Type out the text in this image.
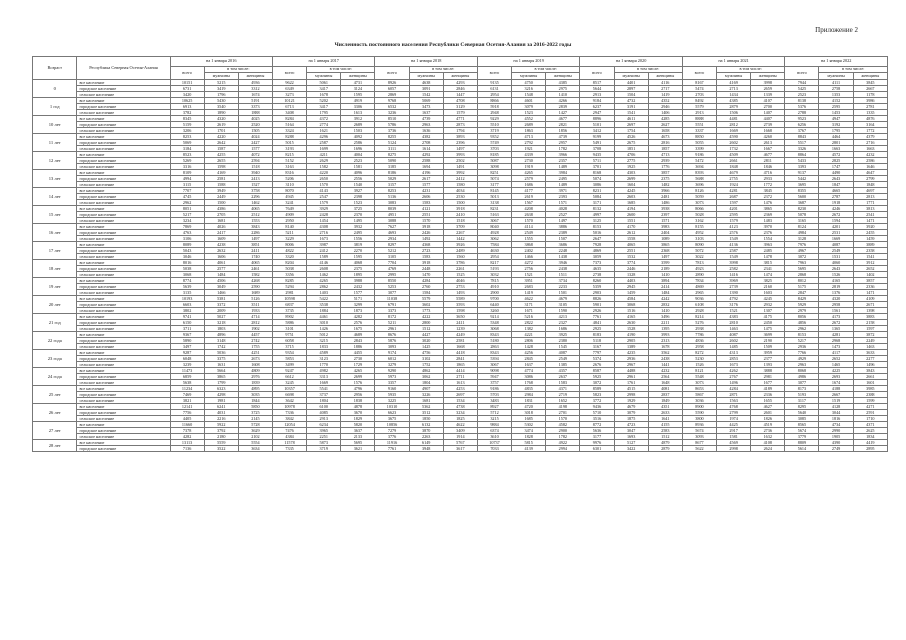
Приложение 2
Численность постоянного населения Республики Северная Осетия-Алания за 2016-2022 годы
Возраст	Республика Северная Осетия-Алания	на 1 января 2016			на 1 января 2017			на 1 января 2018			на 1 января 2019			на 1 января 2020			на 1 января 2021			на 1 января 2022		
		всего	в том числе:		всего	в том числе:		всего	в том числе:		всего	в том числе:		всего	в том числе:		всего	в том числе:		всего	в том числе:	
			мужчины	женщины		мужчины	женщины		мужчины	женщины		мужчины	женщины		мужчины	женщины		мужчины	женщины		мужчины	женщины
0	все население	10151	5215	4936	9622	5061	4731	8926	4638	4293	9135	4750	4385	8517	4401	4116	8167	4169	3998	7944	4111	3845
	городское население	6731	3419	3312	6349	3417	3124	6057	3091	2846	6131	3216	2975	5644	2897	2717	5474	2713	2659	5425	2758	2667
	сельское население	3420	1796	1674	3273	1678	1595	2869	1542	1447	2954	1548	1410	2913	1504	1419	2703	1434	1339	2523	1353	1178
1 год	все население	10625	5430	5191	10121	5202	4919	9768	5069	4708	8866	4601	4266	9184	4732	4352	8492	4385	4107	8138	4152	3986
	городское население	6913	3540	3373	6713	3417	3306	6532	3473	3129	5918	3079	2839	6237	3191	2946	5579	2879	2700	5376	2595	2781
	сельское население	3782	1890	1888	3408	1795	1613	3236	1637	1579	2948	1523	1427	2947	1541	1406	2913	1506	1407	2788	1453	1335
10 лет	все население	8345	4320	4025	8284	4372	3912	8510	4739	4771	9229	4552	4677	8896	4611	4285	8888	4481	4407	9523	4947	4876
	городское население	5159	2619	2520	5164	2774	2689	5786	2963	2873	5510	2689	2821	5101	2697	2627	5551	2812	2739	6256	3192	3164
	сельское население	3206	1701	1505	3324	1621	1503	3736	1636	1794	3719	1863	1856	3412	1754	1658	3337	1669	1668	3767	1795	1772
11 лет	все население	8253	4220	4024	8288	4296	4092	8255	4382	3893	9352	4713	4739	9199	4526	4673	8850	4590	4260	8843	4464	4379
	городское население	5069	2642	2427	5015	2587	2586	5124	2708	2396	5749	2792	2957	5491	2675	2816	5055	2602	2613	5517	2801	2716
	сельское население	3184	1587	1577	3193	1699	1696	3111	1614	1497	3703	1921	1782	3708	1851	1857	3399	1732	1667	3326	1663	1663
12 лет	все население	8523	4255	4072	8215	4211	4004	8275	4292	3993	8185	4339	3966	9435	4706	4713	9186	4509	4677	8864	4572	4232
	городское население	5269	2655	2594	5152	2629	2523	5090	2588	2502	5087	2730	2357	5711	2775	2939	5472	2661	2811	5433	2825	2586
	сельское население	3316	1598	1518	3163	1582	1581	3185	1694	1491	3098	1919	1489	3701	1925	1776	3694	1848	1846	3393	1747	1646
13 лет	все население	8109	4169	3940	8316	4220	4096	8186	4196	3992	8251	4265	3984	8168	4303	3857	8393	4679	4716	9137	4490	4647
	городское население	4994	2581	2413	5206	2650	2556	5029	2617	2412	5074	2579	2495	5074	2699	2375	5688	2755	2933	5442	2643	2799
	сельское население	3115	1588	1527	3110	1570	1540	3157	1577	1580	3177	1686	1489	3086	1604	1482	3696	1924	1772	3695	1847	1848
14 лет	все население	7707	3949	3758	8070	4143	3927	8253	4231	4034	8145	4177	3971	8231	4245	3966	8126	4281	3845	8355	4665	4697
	городское население	4745	2449	2296	4945	2547	2398	5136	2606	2530	5013	2619	2393	5084	2603	2481	5059	2687	2372	5600	2787	2813
	сельское население	2962	1500	1462	3241	1579	1523	3083	1583	1500	3138	1567	1571	3171	1685	1486	3073	1597	1476	3687	1918	1771
15 лет	все население	8051	4386	4065	7649	3929	3725	8039	4121	3918	8231	4208	4028	8132	4194	3938	8066	4201	3865	8230	4246	3813
	городское население	5217	2705	2512	4909	2428	2370	4951	2551	2410	5163	2638	2527	4997	2600	2397	5028	2595	2369	5078	2672	2541
	сельское население	3234	1681	1553	2950	1454	1495	3088	1570	1518	3067	1570	1497	3125	1551	1571	3162	1579	1483	3165	1594	1471
16 лет	все население	7869	4026	3843	8140	4308	3932	7627	3918	3709	8040	4114	3886	8153	4170	3983	8155	4123	3970	8124	4201	3920
	городское население	4763	2417	2286	5211	2716	2495	4693	2426	2267	4928	2549	2389	5016	2612	2404	4952	2576	2376	4984	2531	2455
	сельское население	3106	1609	1497	3229	1673	1556	2934	1492	1442	3062	1555	1507	2647	1558	1089	3103	1549	1554	3128	1669	1459
17 лет	все население	8089	4238	3851	8006	3987	3819	8297	4368	3926	7584	3868	3686	7928	4065	3865	8090	4136	3963	7976	4087	3889
	городское население	5043	2632	2411	4822	2412	2270	5212	2723	2489	4630	2402	2248	4869	2551	2368	5072	2587	2485	4967	2549	2358
	сельское население	3046	1606	1740	3320	1589	1595	3105	1583	1560	2954	1466	1438	3059	1532	1497	3022	1549	1478	3072	1531	1541
18 лет	все население	8016	4061	4065	8204	4146	4068	7704	3918	3786	8217	4272	3946	7373	3774	3599	7813	3998	3815	7963	4060	3912
	городское население	5038	2577	2461	5038	2608	2375	4769	2448	2261	5193	2756	2438	4635	2446	2189	4923	2582	2341	5695	2643	2652
	сельское население	3068	1484	1582	3356	1462	1895	2995	1470	1525	3032	1521	1511	2738	1328	1410	2890	1416	1474	2868	1526	1402
19 лет	все население	8774	4506	4268	8285	4265	3988	8550	4284	4046	7815	3951	3734	8260	4403	3894	7834	3969	3825	8012	4165	3857
	городское население	5639	3049	2590	5294	2862	2432	5253	2760	2753	4910	2683	2233	5359	2945	2414	4869	2739	2160	5175	2819	2336
	сельское население	3135	1466	1689	2981	1403	1577	3077	1584	1493	2900	1419	1501	2903	1459	1484	2965	1390	1603	2847	1376	1471
20 лет	все население	10193	5381	5126	10598	5422	5171	11038	5579	5589	9700	4622	4679	8826	4584	4242	9036	4792	4245	8429	4320	4109
	городское население	6603	3372	3511	6837	3538	3299	6791	3602	3593	6440	3171	3105	5901	3068	2832	6108	3176	2932	5929	2958	2671
	сельское население	3802	2009	1933	3735	1884	1873	3373	1773	1598	3260	1671	1590	2926	1516	1410	2928	1521	1307	2979	1561	1398
21 год	все население	9741	5027	4714	8902	4461	4282	8172	4222	3650	9214	5216	4213	7761	4165	3496	8214	4383	4175	8056	4173	3883
	городское население	6150	3218	2812	5886	3010	2576	5211	2800	2411	5348	2822	2327	4841	2630	2211	5276	2810	2450	4856	2672	2158
	сельское население	3711	1803	1902	3101	1426	1675	2961	1512	1239	3068	1382	1686	2925	1528	1395	2938	1463	1475	2962	1365	1597
22 года	все население	9367	4896	4457	9751	5012	4689	8676	4427	4249	8343	4221	3925	8183	4190	3993	7786	4087	3699	8153	4281	3872
	городское население	5890	3148	2742	6058	3215	2843	5876	3020	2581	5180	2806	2380	5118	2905	2313	4836	2602	2190	5217	2968	2249
	сельское население	3497	1742	1755	3715	1833	1886	3093	1425	1668	2863	1428	1545	3167	1389	1678	2958	1485	1509	2936	1473	1463
23 года	все население	9287	5036	4251	9354	4589	4455	9174	4756	4418	8343	4256	4087	7797	4235	3562	8272	4313	3959	7766	4117	3633
	городское население	6048	3375	2673	5853	3123	2730	6012	3102	2841	5394	2845	2549	5374	2936	2438	5230	2853	2377	4929	2652	2277
	сельское население	3239	1631	1608	3499	1770	1729	3279	1752	1865	3067	1637	1385	2676	2967	1441	1526	1673	1393	2963	1465	1496
24 года	все население	11473	5664	4809	9247	4982	4265	9290	4862	4414	9098	4774	4357	8587	4488	4232	8121	4262	3888	8068	4225	3843
	городское население	6859	3865	2976	6612	3313	2699	5973	3062	2711	5947	3086	2637	5925	2961	2564	5548	2767	2981	4986	2693	2661
	сельское население	5638	1799	1839	3245	1669	1576	3357	1804	1613	3757	1768	1583	3072	1761	1648	3073	1496	1677	3077	1674	1601
25 лет	все население	11234	6323	4895	10357	5541	4796	9160	4907	4253	9186	4835	4371	8589	4515	4081	8653	4284	4189	8173	4188	3985
	городское население	7469	4298	3035	6698	3737	2956	5935	3226	2697	5703	2984	2719	5823	2998	2837	5867	2871	2336	5193	2667	2388
	сельское население	3821	1981	1844	3642	1804	1838	3225	1681	1534	3483	1831	1652	3772	1929	1849	3036	1563	1655	3117	1519	1599
26 лет	все население	12141	6241	5850	10978	6100	4878	10310	5362	4738	8927	4720	4198	9436	4679	4351	8900	4768	4627	8295	4128	4271
	городское население	7756	4031	3725	7336	4085	3670	6623	3512	3234	5712	3018	2701	5710	3079	2633	5590	2799	2601	5640	3044	2591
	сельское население	4405	2216	2145	3842	2913	1829	3675	1850	1825	3215	1685	1570	3516	1875	1641	3800	1974	1826	3085	1816	1710
27 лет	все население	11660	5922	5728	12054	6234	5820	10856	6132	4622	9884	5302	4582	8772	4723	4155	8936	4425	4519	8565	4734	4371
	городское население	7378	3792	3629	7476	3965	3637	7279	3870	3409	6374	3474	2900	5636	3047	2583	5674	2917	2736	5674	2990	2625
	сельское население	4282	2180	2102	4384	2251	2133	3776	2263	1914	3610	1828	1782	3177	1693	1512	3093	1581	1632	3779	1905	1834
28 лет	все население	13113	5559	5554	11578	5873	5695	11916	6149	5767	10737	5815	4922	9976	5127	4879	8677	4569	4108	8809	4390	4419
	городское население	7136	3522	3634	7335	3719	3621	7761	3948	3617	7033	4139	2994	6301	3422	2879	5622	2998	2624	5614	2749	2895
